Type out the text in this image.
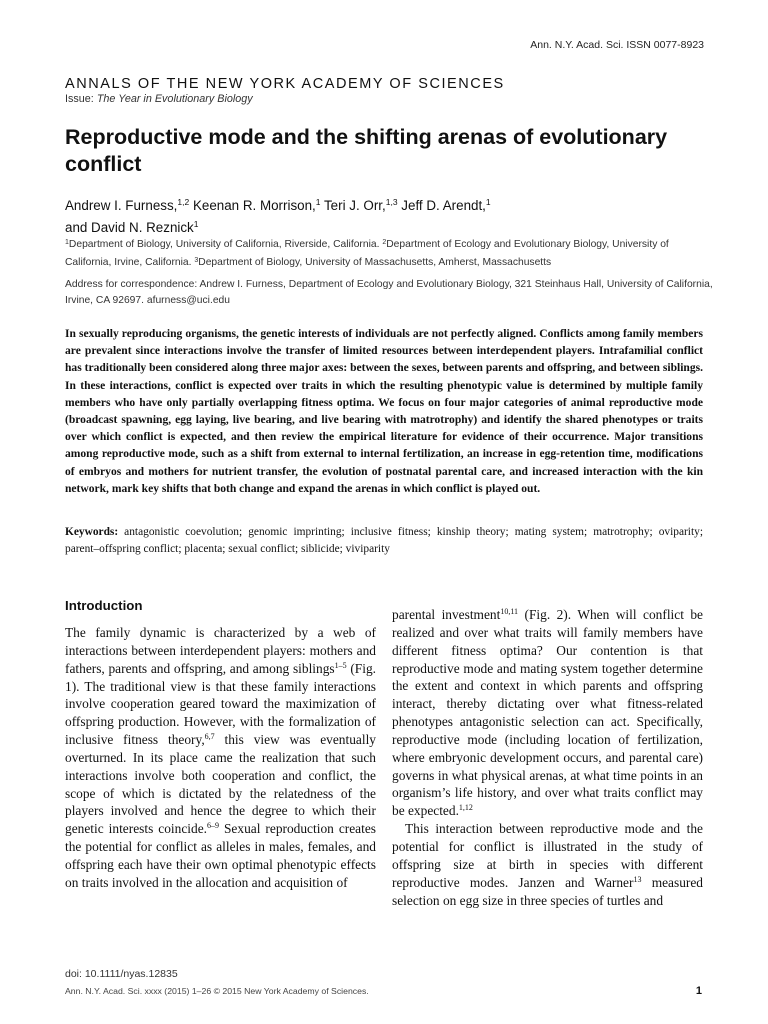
Ann. N.Y. Acad. Sci. ISSN 0077-8923
ANNALS OF THE NEW YORK ACADEMY OF SCIENCES
Issue: The Year in Evolutionary Biology
Reproductive mode and the shifting arenas of evolutionary conflict
Andrew I. Furness,$^{1,2}$ Keenan R. Morrison,$^1$ Teri J. Orr,$^{1,3}$ Jeff D. Arendt,$^1$
and David N. Reznick$^1$
$^1$Department of Biology, University of California, Riverside, California. $^2$Department of Ecology and Evolutionary Biology, University of California, Irvine, California. $^3$Department of Biology, University of Massachusetts, Amherst, Massachusetts
Address for correspondence: Andrew I. Furness, Department of Ecology and Evolutionary Biology, 321 Steinhaus Hall, University of California, Irvine, CA 92697. afurness@uci.edu

In sexually reproducing organisms, the genetic interests of individuals are not perfectly aligned. Conflicts among family members are prevalent since interactions involve the transfer of limited resources between interdependent players. Intrafamilial conflict has traditionally been considered along three major axes: between the sexes, between parents and offspring, and between siblings. In these interactions, conflict is expected over traits in which the resulting phenotypic value is determined by multiple family members who have only partially overlapping fitness optima. We focus on four major categories of animal reproductive mode (broadcast spawning, egg laying, live bearing, and live bearing with matrotrophy) and identify the shared phenotypes or traits over which conflict is expected, and then review the empirical literature for evidence of their occurrence. Major transitions among reproductive mode, such as a shift from external to internal fertilization, an increase in egg-retention time, modifications of embryos and mothers for nutrient transfer, the evolution of postnatal parental care, and increased interaction with the kin network, mark key shifts that both change and expand the arenas in which conflict is played out.

Keywords: antagonistic coevolution; genomic imprinting; inclusive fitness; kinship theory; mating system; matrotrophy; oviparity; parent–offspring conflict; placenta; sexual conflict; siblicide; viviparity
Introduction

The family dynamic is characterized by a web of interactions between interdependent players: mothers and fathers, parents and offspring, and among siblings$^{1-5}$ (Fig. 1). The traditional view is that these family interactions involve cooperation geared toward the maximization of offspring production. However, with the formalization of inclusive fitness theory,$^{6,7}$ this view was eventually overturned. In its place came the realization that such interactions involve both cooperation and conflict, the scope of which is dictated by the relatedness of the players involved and hence the degree to which their genetic interests coincide.$^{6-9}$ Sexual reproduction creates the potential for conflict as alleles in males, females, and offspring each have their own optimal phenotypic effects on traits involved in the allocation and acquisition of

parental investment$^{10,11}$ (Fig. 2). When will conflict be realized and over what traits will family members have different fitness optima? Our contention is that reproductive mode and mating system together determine the extent and context in which parents and offspring interact, thereby dictating over what fitness-related phenotypes antagonistic selection can act. Specifically, reproductive mode (including location of fertilization, where embryonic development occurs, and parental care) governs in what physical arenas, at what time points in an organism’s life history, and over what traits conflict may be expected.$^{1,12}$

This interaction between reproductive mode and the potential for conflict is illustrated in the study of offspring size at birth in species with different reproductive modes. Janzen and Warner$^{13}$ measured selection on egg size in three species of turtles and

doi: 10.1111/nyas.12835
Ann. N.Y. Acad. Sci. xxxx (2015) 1–26 © 2015 New York Academy of Sciences.	1
